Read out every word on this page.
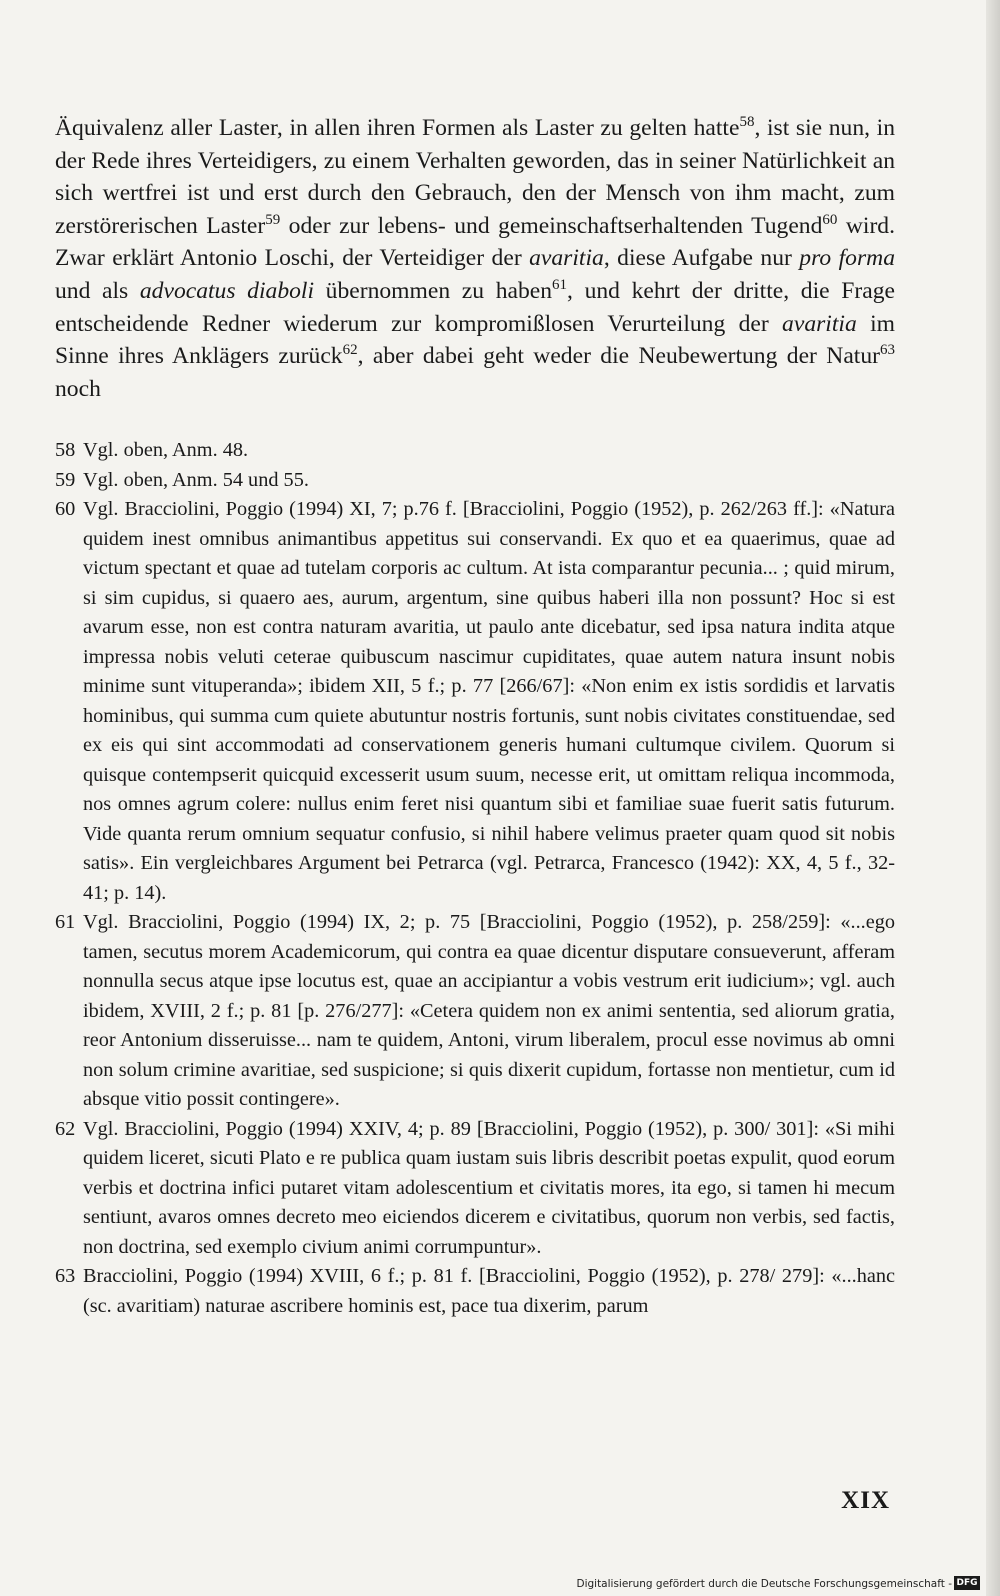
Äquivalenz aller Laster, in allen ihren Formen als Laster zu gelten hatte$^{58}$, ist sie nun, in der Rede ihres Verteidigers, zu einem Verhalten geworden, das in seiner Natürlichkeit an sich wertfrei ist und erst durch den Gebrauch, den der Mensch von ihm macht, zum zerstörerischen Laster$^{59}$ oder zur lebens- und gemeinschaftserhaltenden Tugend$^{60}$ wird. Zwar erklärt Antonio Loschi, der Verteidiger der avaritia, diese Aufgabe nur pro forma und als advocatus diaboli übernommen zu haben$^{61}$, und kehrt der dritte, die Frage entscheidende Redner wiederum zur kompromißlosen Verurteilung der avaritia im Sinne ihres Anklägers zurück$^{62}$, aber dabei geht weder die Neubewertung der Natur$^{63}$ noch

58 Vgl. oben, Anm. 48.
59 Vgl. oben, Anm. 54 und 55.
60 Vgl. Bracciolini, Poggio (1994) XI, 7; p.76 f. [Bracciolini, Poggio (1952), p. 262/263 ff.]: «Natura quidem inest omnibus animantibus appetitus sui conservandi. Ex quo et ea quaerimus, quae ad victum spectant et quae ad tutelam corporis ac cultum. At ista comparantur pecunia... ; quid mirum, si sim cupidus, si quaero aes, aurum, argentum, sine quibus haberi illa non possunt? Hoc si est avarum esse, non est contra naturam avaritia, ut paulo ante dicebatur, sed ipsa natura indita atque impressa nobis veluti ceterae quibuscum nascimur cupiditates, quae autem natura insunt nobis minime sunt vituperanda»; ibidem XII, 5 f.; p. 77 [266/67]: «Non enim ex istis sordidis et larvatis hominibus, qui summa cum quiete abutuntur nostris fortunis, sunt nobis civitates constituendae, sed ex eis qui sint accommodati ad conservationem generis humani cultumque civilem. Quorum si quisque contempserit quicquid excesserit usum suum, necesse erit, ut omittam reliqua incommoda, nos omnes agrum colere: nullus enim feret nisi quantum sibi et familiae suae fuerit satis futurum. Vide quanta rerum omnium sequatur confusio, si nihil habere velimus praeter quam quod sit nobis satis». Ein vergleichbares Argument bei Petrarca (vgl. Petrarca, Francesco (1942): XX, 4, 5 f., 32-41; p. 14).
61 Vgl. Bracciolini, Poggio (1994) IX, 2; p. 75 [Bracciolini, Poggio (1952), p. 258/259]: «...ego tamen, secutus morem Academicorum, qui contra ea quae dicentur disputare consueverunt, afferam nonnulla secus atque ipse locutus est, quae an accipiantur a vobis vestrum erit iudicium»; vgl. auch ibidem, XVIII, 2 f.; p. 81 [p. 276/277]: «Cetera quidem non ex animi sententia, sed aliorum gratia, reor Antonium disseruisse... nam te quidem, Antoni, virum liberalem, procul esse novimus ab omni non solum crimine avaritiae, sed suspicione; si quis dixerit cupidum, fortasse non mentietur, cum id absque vitio possit contingere».
62 Vgl. Bracciolini, Poggio (1994) XXIV, 4; p. 89 [Bracciolini, Poggio (1952), p. 300/ 301]: «Si mihi quidem liceret, sicuti Plato e re publica quam iustam suis libris describit poetas expulit, quod eorum verbis et doctrina infici putaret vitam adolescentium et civitatis mores, ita ego, si tamen hi mecum sentiunt, avaros omnes decreto meo eiciendos dicerem e civitatibus, quorum non verbis, sed factis, non doctrina, sed exemplo civium animi corrumpuntur».
63 Bracciolini, Poggio (1994) XVIII, 6 f.; p. 81 f. [Bracciolini, Poggio (1952), p. 278/ 279]: «...hanc (sc. avaritiam) naturae ascribere hominis est, pace tua dixerim, parum
XIX
Digitalisierung gefördert durch die Deutsche Forschungsgemeinschaft - DFG
